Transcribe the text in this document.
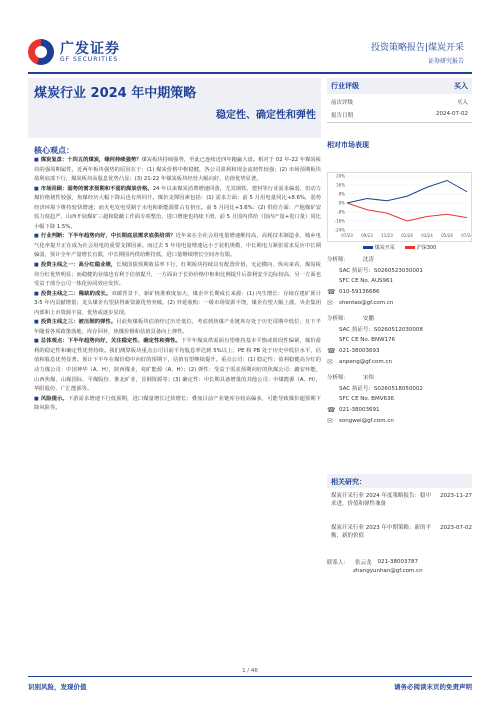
广发证券
GF SECURITIES
投资策略报告|煤炭开采
证券研究报告
煤炭行业 2024 年中期策略
稳定性、确定性和弹性
行业评级	买入
前次评级	买入
报告日期	2024-07-02
相对市场表现
24%
16%
8%
0%
-8%
-16%
-24%
07/23 09/23 11/23 01/24 03/24 05/24 07/24
煤炭开采	沪深300
分析师：	沈涛
SAC 执证号：S0260523030001
SFC CE No. AUS961
☎ 010-59136686
✉	shentao@gf.com.cn
分析师：	安鹏
SAC 执证号：S0260512030008
SFC CE No. BNW176
☎ 021-38003693
✉	anpeng@gf.com.cn
分析师：	宋炜
SAC 执证号：S0260518050002
SFC CE No. BMV636
☎ 021-38003691
✉	songwei@gf.com.cn
相关研究：
煤炭开采行业 2024 年度策略报告：稳中求进，价值和弹性兼备
2023-11-27
煤炭开采行业 2023 年中期策略：新的平衡，新的价值
2023-07-02
联系人： 张云龙 021-38003787
zhangyunhan@gf.com.cn
核心观点：

■ 煤炭复盘：十四五的煤炭，缘何持续强势？煤炭板块持续强势，至此已连续近四年跑赢大盘。相对于 02 年-22 年煤炭板块的强周期属性，近两年板块强势的原因在于：(1) 煤炭价格中枢稳健，各公司盈利和现金流韧性较强；(2) 市场预期板块盈利底部下行，煤炭板块高股息优势凸显；(3) 21-22 年煤炭板块经营大幅向好，估值优势显著。

■ 市场回顾：弱势的需求预期和不弱的煤炭价格。24 年以来煤炭消费增速回落，尤其钢铁、建材等行业需求偏弱，但动力煤价格韧性较强，焦煤经历大幅下降后也有所回升。煤价支撑因素包括：(1) 需求方面：前 5 月用电量同比+8.6%，弱势经济环境下维持较快增速；而火电发电受制于水电和新能源排占有挤压。前 5 月同比+3.6%；(2) 供给方面：产地煤矿安监力度趋严，山西开展煤矿三超和隐蔽工作面专项整治，进口增速也持续下滑，前 5 月国内供给（国内产量+进口量）同比小幅下降 1.5%。

■ 行业判断：下半年趋势向好，中长期底层需求底供给项？近年来在全社会用电量增速维持高，高耗技术制造业、城乡电气化率提升正在成为社会用电的重要支撑因素。而过去 5 年用电量增速远小于装机规模，中长期电力紧张需求反应中长期偏弱，预计全年产量增长有限，中长期国内供给维持低，进口量继续增长空间亦有限。

■ 投资主线之一：高分红稳业绩，长城国债预期收益率下行，红利板块持续具有配置价值，无论横向、纵向来看，煤炭板块分红优势明显；而稳健的业绩也有利于估值提升，一方面由于长协价格中枢和比例提升后盈利安全边际较高，另一方面也受益于部分公司一体化协同效应发挥。

■ 投资主线之二：稀缺的成长。双碳背景下，新矿核准难度加大，煤企中长期成长来源：(1) 内生增长：存续在建矿预计 3-5 年内贡献增量；龙头煤企有望获得新资源优势突破。(2) 外延收购：一级市场资源丰饶，煤企有望大幅上涨，央企集团内部和上市资源丰富，优势或逐步显现。

■ 投资主线之三：被压制的弹性。目前焦煤板块估值经过历史低位，考虑到焦煤产业链库存处于历史周期中低位，且下半年随着各项政策落地、库存回补，焦煤价格和估值具备向上弹性。

■ 总体观点：下半年趋势向好，关注稳定性、确定性和弹性。下半年煤炭供需面有望维持基本平衡或阶段性偏紧，煤价盈利的稳定性和确定性优势持续。我们测算板块重点公司目前平均股息率达到 5%以上，PE 和 PB 处于历史中低位水平，估值和股息优势显著。预计下半年在煤价稳中向好的预期下，估值有望继续提升。重点公司：(1) 稳定性：盈利稳健高分红的动力煤公司：中国神华（A、H），陕西煤业，兖矿能源（A、H）；(2) 弹性：受益于需求预期向好的焦煤公司：潞安环能，山西焦煤、山煤国际、平煤股份、淮北矿业，首钢资源等；(3) 确定性：中长期具备增量的其他公司：中煤能源（A、H），华阳股份，广汇能源等。

■ 风险提示。下游需求增速下行低预期，进口煤量增长过快增长；叠加目前产业链库存较高偏多，可能导致煤价超预期下降风险等。

1 / 46
识别风险，发现价值	请务必阅读末页的免责声明
